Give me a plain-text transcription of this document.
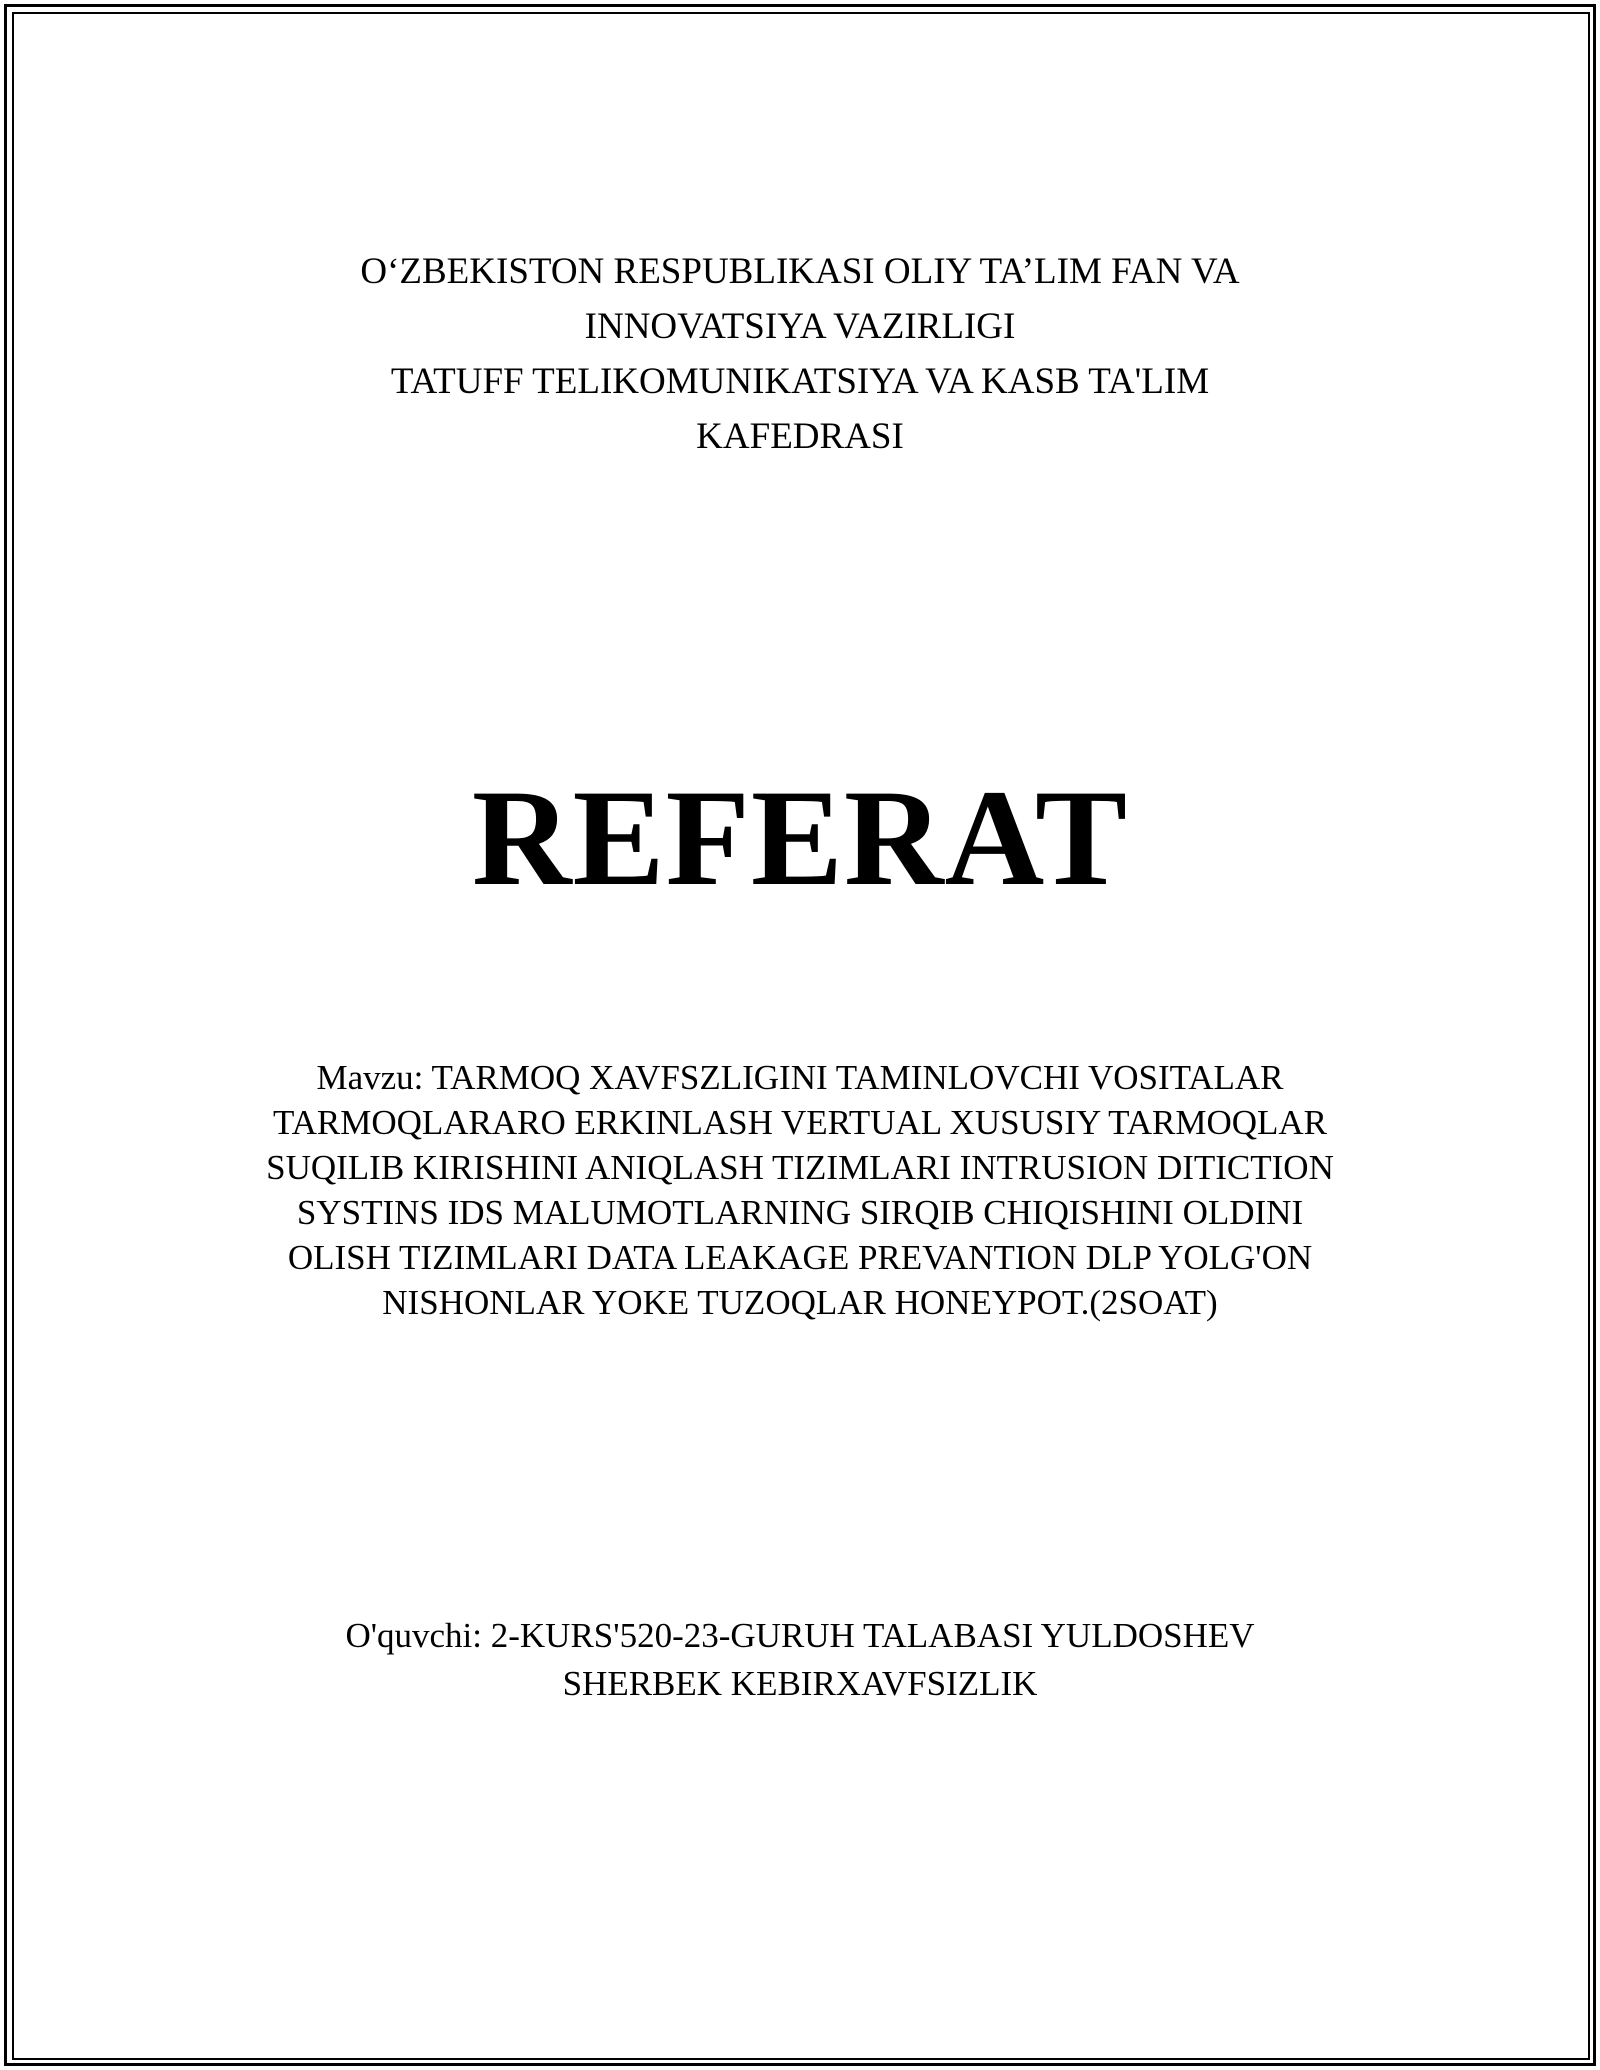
O‘ZBEKISTON RESPUBLIKASI OLIY TA’LIM FAN VA
INNOVATSIYA VAZIRLIGI
TATUFF TELIKOMUNIKATSIYA VA KASB TA'LIM
KAFEDRASI
REFERAT
Mavzu: TARMOQ XAVFSZLIGINI TAMINLOVCHI VOSITALAR
TARMOQLARARO ERKINLASH VERTUAL XUSUSIY TARMOQLAR
SUQILIB KIRISHINI ANIQLASH TIZIMLARI INTRUSION DITICTION
SYSTINS IDS MALUMOTLARNING SIRQIB CHIQISHINI OLDINI
OLISH TIZIMLARI DATA LEAKAGE PREVANTION DLP YOLG'ON
NISHONLAR YOKE TUZOQLAR HONEYPOT.(2SOAT)
O'quvchi: 2-KURS'520-23-GURUH TALABASI YULDOSHEV
SHERBEK KEBIRXAVFSIZLIK
